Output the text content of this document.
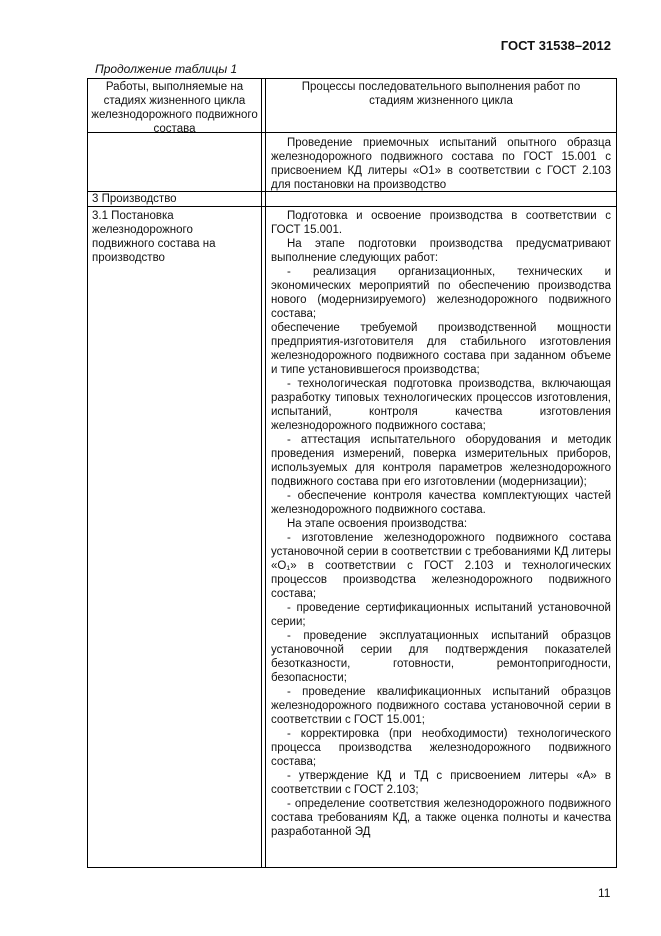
ГОСТ 31538–2012
Продолжение таблицы 1
Работы, выполняемые на стадиях жизненного цикла железнодорожного подвижного состава
Процессы последовательного выполнения работ по стадиям жизненного цикла

Проведение приемочных испытаний опытного образца железнодорожного подвижного состава по ГОСТ 15.001 с присвоением КД литеры «О1» в соответствии с ГОСТ 2.103 для постановки на производство

3 Производство
3.1 Постановка железнодорожного подвижного состава на производство

Подготовка и освоение производства в соответствии с ГОСТ 15.001.

На этапе подготовки производства предусматривают выполнение следующих работ:

- реализация организационных, технических и экономических мероприятий по обеспечению производства нового (модернизируемого) железнодорожного подвижного состава;

обеспечение требуемой производственной мощности предприятия-изготовителя для стабильного изготовления железнодорожного подвижного состава при заданном объеме и типе установившегося производства;

- технологическая подготовка производства, включающая разработку типовых технологических процессов изготовления, испытаний, контроля качества изготовления железнодорожного подвижного состава;

- аттестация испытательного оборудования и методик проведения измерений, поверка измерительных приборов, используемых для контроля параметров железнодорожного подвижного состава при его изготовлении (модернизации);

- обеспечение контроля качества комплектующих частей железнодорожного подвижного состава.

На этапе освоения производства:

- изготовление железнодорожного подвижного состава установочной серии в соответствии с требованиями КД литеры «О₁» в соответствии с ГОСТ 2.103 и технологических процессов производства железнодорожного подвижного состава;

- проведение сертификационных испытаний установочной серии;

- проведение эксплуатационных испытаний образцов установочной серии для подтверждения показателей безотказности, готовности, ремонтопригодности, безопасности;

- проведение квалификационных испытаний образцов железнодорожного подвижного состава установочной серии в соответствии с ГОСТ 15.001;

- корректировка (при необходимости) технологического процесса производства железнодорожного подвижного состава;

- утверждение КД и ТД с присвоением литеры «А» в соответствии с ГОСТ 2.103;

- определение соответствия железнодорожного подвижного состава требованиям КД, а также оценка полноты и качества разработанной ЭД

11
